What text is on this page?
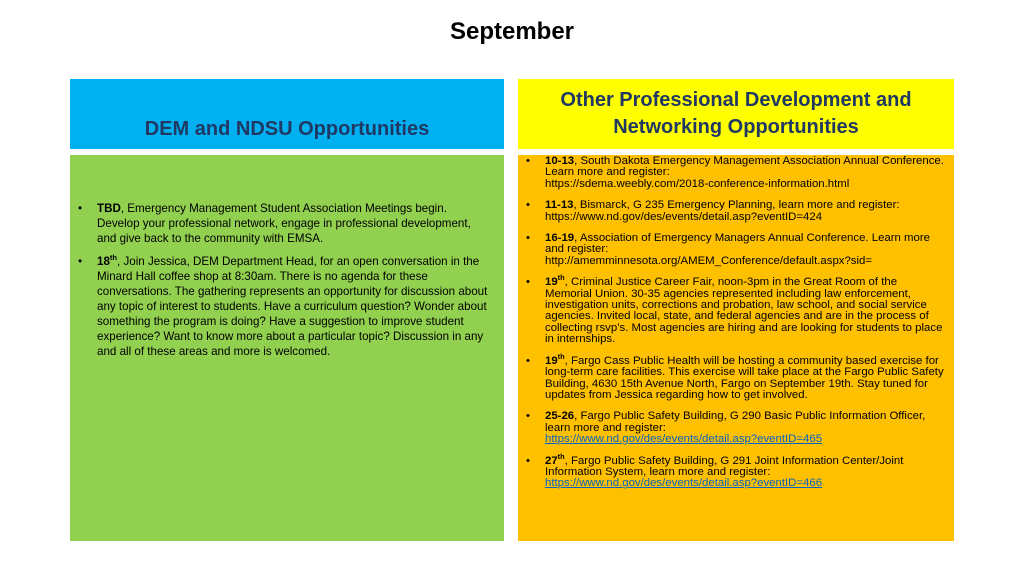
September
DEM and NDSU Opportunities
Other Professional Development and Networking Opportunities
• TBD, Emergency Management Student Association Meetings begin. Develop your professional network, engage in professional development, and give back to the community with EMSA.
• 18th, Join Jessica, DEM Department Head, for an open conversation in the Minard Hall coffee shop at 8:30am. There is no agenda for these conversations. The gathering represents an opportunity for discussion about any topic of interest to students. Have a curriculum question? Wonder about something the program is doing? Have a suggestion to improve student experience? Want to know more about a particular topic? Discussion in any and all of these areas and more is welcomed.
• 10-13, South Dakota Emergency Management Association Annual Conference. Learn more and register:
https://sdema.weebly.com/2018-conference-information.html
• 11-13, Bismarck, G 235 Emergency Planning, learn more and register:
https://www.nd.gov/des/events/detail.asp?eventID=424
• 16-19, Association of Emergency Managers Annual Conference. Learn more and register:
http://amemminnesota.org/AMEM_Conference/default.aspx?sid=
• 19th, Criminal Justice Career Fair, noon-3pm in the Great Room of the Memorial Union. 30-35 agencies represented including law enforcement, investigation units, corrections and probation, law school, and social service agencies. Invited local, state, and federal agencies and are in the process of collecting rsvp’s. Most agencies are hiring and are looking for students to place in internships.
• 19th, Fargo Cass Public Health will be hosting a community based exercise for long-term care facilities. This exercise will take place at the Fargo Public Safety Building, 4630 15th Avenue North, Fargo on September 19th. Stay tuned for updates from Jessica regarding how to get involved.
• 25-26, Fargo Public Safety Building, G 290 Basic Public Information Officer, learn more and register:
https://www.nd.gov/des/events/detail.asp?eventID=465
• 27th, Fargo Public Safety Building, G 291 Joint Information Center/Joint Information System, learn more and register:
https://www.nd.gov/des/events/detail.asp?eventID=466
